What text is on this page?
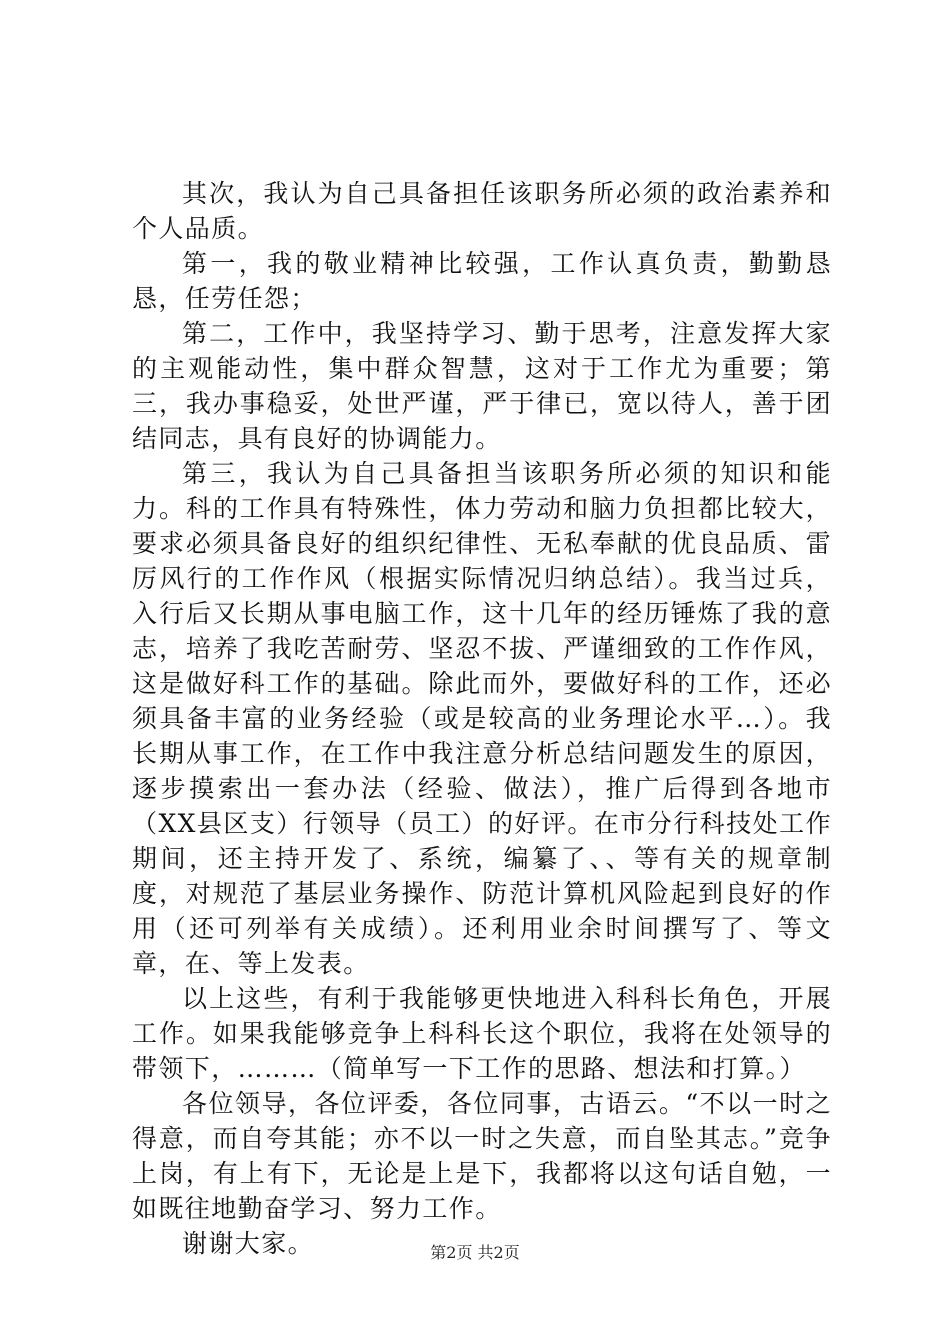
其次，我认为自己具备担任该职务所必须的政治素养和个人品质。

第一，我的敬业精神比较强，工作认真负责，勤勤恳恳，任劳任怨；

第二，工作中，我坚持学习、勤于思考，注意发挥大家的主观能动性，集中群众智慧，这对于工作尤为重要；第三，我办事稳妥，处世严谨，严于律已，宽以待人，善于团结同志，具有良好的协调能力。

第三，我认为自己具备担当该职务所必须的知识和能力。科的工作具有特殊性，体力劳动和脑力负担都比较大，要求必须具备良好的组织纪律性、无私奉献的优良品质、雷厉风行的工作作风（根据实际情况归纳总结）。我当过兵，入行后又长期从事电脑工作，这十几年的经历锤炼了我的意志，培养了我吃苦耐劳、坚忍不拔、严谨细致的工作作风，这是做好科工作的基础。除此而外，要做好科的工作，还必须具备丰富的业务经验（或是较高的业务理论水平…）。我长期从事工作，在工作中我注意分析总结问题发生的原因，逐步摸索出一套办法（经验、做法），推广后得到各地市（XX县区支）行领导（员工）的好评。在市分行科技处工作期间，还主持开发了、系统，编纂了、、等有关的规章制度，对规范了基层业务操作、防范计算机风险起到良好的作用（还可列举有关成绩）。还利用业余时间撰写了、等文章，在、等上发表。

以上这些，有利于我能够更快地进入科科长角色，开展工作。如果我能够竞争上科科长这个职位，我将在处领导的带领下，………（简单写一下工作的思路、想法和打算。）

各位领导，各位评委，各位同事，古语云。“不以一时之得意，而自夸其能；亦不以一时之失意，而自坠其志。”竞争上岗，有上有下，无论是上是下，我都将以这句话自勉，一如既往地勤奋学习、努力工作。

谢谢大家。	第2页 共2页
